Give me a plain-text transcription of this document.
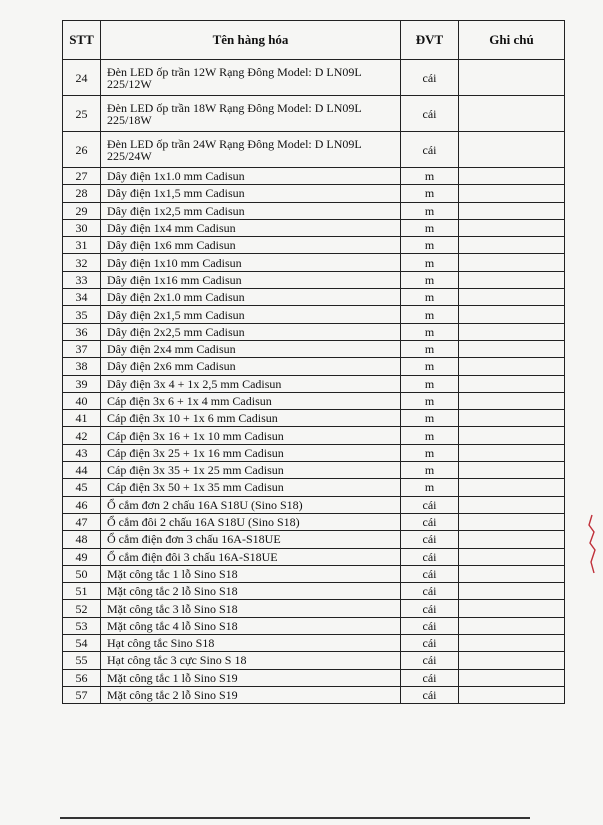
STT	Tên hàng hóa	ĐVT	Ghi chú
24	Đèn LED ốp trần 12W Rạng Đông Model: D LN09L 225/12W	cái	
25	Đèn LED ốp trần 18W Rạng Đông Model: D LN09L 225/18W	cái	
26	Đèn LED ốp trần 24W Rạng Đông Model: D LN09L 225/24W	cái	
27	Dây điện 1x1.0 mm Cadisun	m	
28	Dây điện 1x1,5 mm Cadisun	m	
29	Dây điện 1x2,5 mm Cadisun	m	
30	Dây điện 1x4 mm Cadisun	m	
31	Dây điện 1x6 mm Cadisun	m	
32	Dây điện 1x10 mm Cadisun	m	
33	Dây điện 1x16 mm Cadisun	m	
34	Dây điện 2x1.0 mm Cadisun	m	
35	Dây điện 2x1,5 mm Cadisun	m	
36	Dây điện 2x2,5 mm Cadisun	m	
37	Dây điện 2x4 mm Cadisun	m	
38	Dây điện 2x6 mm Cadisun	m	
39	Dây điện 3x 4 + 1x 2,5 mm Cadisun	m	
40	Cáp điện 3x 6 + 1x 4 mm Cadisun	m	
41	Cáp điện 3x 10 + 1x 6 mm Cadisun	m	
42	Cáp điện 3x 16 + 1x 10 mm Cadisun	m	
43	Cáp điện 3x 25 + 1x 16 mm Cadisun	m	
44	Cáp điện 3x 35 + 1x 25 mm Cadisun	m	
45	Cáp điện 3x 50 + 1x 35 mm Cadisun	m	
46	Ổ cắm đơn 2 chấu 16A S18U (Sino S18)	cái	
47	Ổ cắm đôi 2 chấu 16A S18U (Sino S18)	cái	
48	Ổ cắm điện đơn 3 chấu 16A-S18UE	cái	
49	Ổ cắm điện đôi 3 chấu 16A-S18UE	cái	
50	Mặt công tắc 1 lỗ Sino S18	cái	
51	Mặt công tắc 2 lỗ Sino S18	cái	
52	Mặt công tắc 3 lỗ Sino S18	cái	
53	Mặt công tắc 4 lỗ Sino S18	cái	
54	Hạt công tắc Sino S18	cái	
55	Hạt công tắc 3 cực Sino S 18	cái	
56	Mặt công tắc 1 lỗ Sino S19	cái	
57	Mặt công tắc 2 lỗ Sino S19	cái	
